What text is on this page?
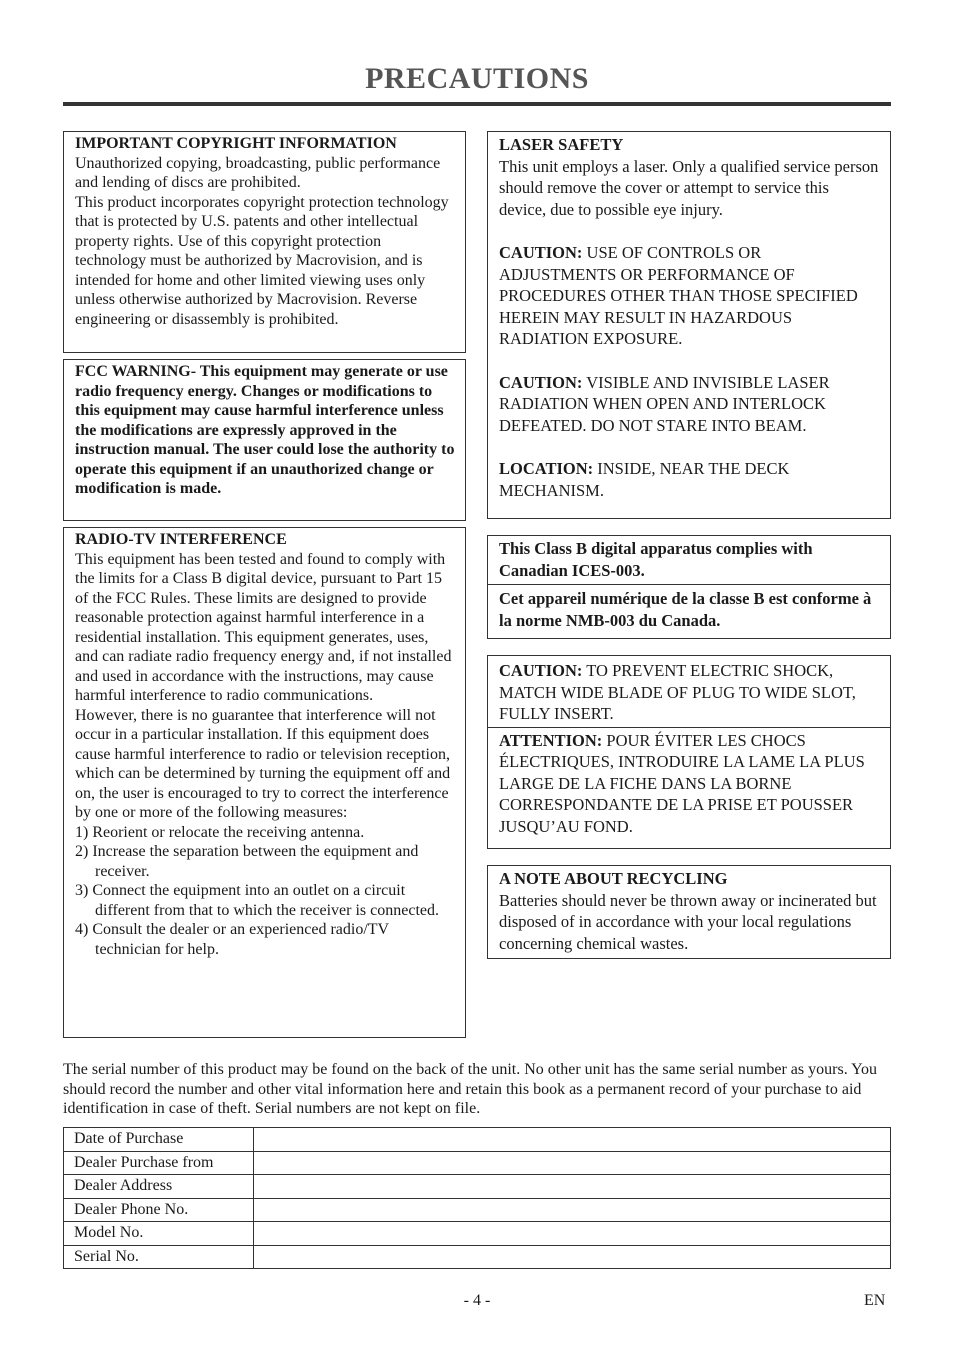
PRECAUTIONS

IMPORTANT COPYRIGHT INFORMATION

Unauthorized copying, broadcasting, public performance and lending of discs are prohibited.

This product incorporates copyright protection technology that is protected by U.S. patents and other intellectual property rights. Use of this copyright protection technology must be authorized by Macrovision, and is intended for home and other limited viewing uses only unless otherwise authorized by Macrovision. Reverse engineering or disassembly is prohibited.

FCC WARNING- This equipment may generate or use radio frequency energy. Changes or modifications to this equipment may cause harmful interference unless the modifications are expressly approved in the instruction manual. The user could lose the authority to operate this equipment if an unauthorized change or modification is made.

RADIO-TV INTERFERENCE

This equipment has been tested and found to comply with the limits for a Class B digital device, pursuant to Part 15 of the FCC Rules. These limits are designed to provide reasonable protection against harmful interference in a residential installation. This equipment generates, uses, and can radiate radio frequency energy and, if not installed and used in accordance with the instructions, may cause harmful interference to radio communications.

However, there is no guarantee that interference will not occur in a particular installation. If this equipment does cause harmful interference to radio or television reception, which can be determined by turning the equipment off and on, the user is encouraged to try to correct the interference by one or more of the following measures:

1) Reorient or relocate the receiving antenna.
2) Increase the separation between the equipment and receiver.
3) Connect the equipment into an outlet on a circuit different from that to which the receiver is connected.
4) Consult the dealer or an experienced radio/TV technician for help.

LASER SAFETY

This unit employs a laser. Only a qualified service person should remove the cover or attempt to service this device, due to possible eye injury.

CAUTION: USE OF CONTROLS OR ADJUSTMENTS OR PERFORMANCE OF PROCEDURES OTHER THAN THOSE SPECIFIED HEREIN MAY RESULT IN HAZARDOUS RADIATION EXPOSURE.

CAUTION: VISIBLE AND INVISIBLE LASER RADIATION WHEN OPEN AND INTERLOCK DEFEATED. DO NOT STARE INTO BEAM.

LOCATION: INSIDE, NEAR THE DECK MECHANISM.

This Class B digital apparatus complies with Canadian ICES-003.

Cet appareil numérique de la classe B est conforme à la norme NMB-003 du Canada.

CAUTION: TO PREVENT ELECTRIC SHOCK, MATCH WIDE BLADE OF PLUG TO WIDE SLOT, FULLY INSERT.

ATTENTION: POUR ÉVITER LES CHOCS ÉLECTRIQUES, INTRODUIRE LA LAME LA PLUS LARGE DE LA FICHE DANS LA BORNE CORRESPONDANTE DE LA PRISE ET POUSSER JUSQU’AU FOND.

A NOTE ABOUT RECYCLING

Batteries should never be thrown away or incinerated but disposed of in accordance with your local regulations concerning chemical wastes.

The serial number of this product may be found on the back of the unit. No other unit has the same serial number as yours. You should record the number and other vital information here and retain this book as a permanent record of your purchase to aid identification in case of theft. Serial numbers are not kept on file.

Date of Purchase	
Dealer Purchase from	
Dealer Address	
Dealer Phone No.	
Model No.	
Serial No.	
- 4 -	EN
